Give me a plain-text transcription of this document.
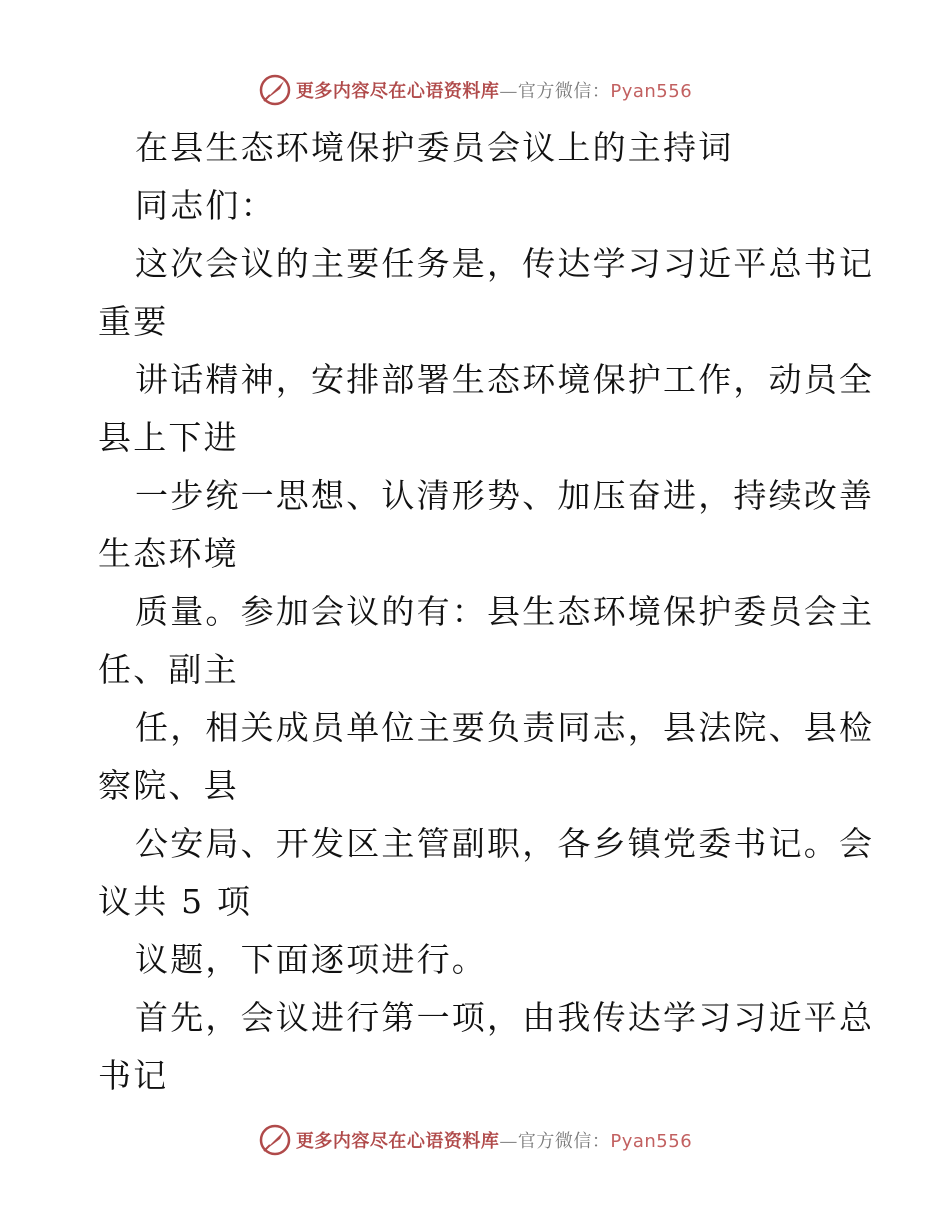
更多内容尽在心语资料库—官方微信：Pyan556
在县生态环境保护委员会议上的主持词
同志们：
这次会议的主要任务是，传达学习习近平总书记
重要
讲话精神，安排部署生态环境保护工作，动员全
县上下进
一步统一思想、认清形势、加压奋进，持续改善
生态环境
质量。参加会议的有：县生态环境保护委员会主
任、副主
任，相关成员单位主要负责同志，县法院、县检
察院、县
公安局、开发区主管副职，各乡镇党委书记。会
议共 5 项
议题，下面逐项进行。
首先，会议进行第一项，由我传达学习习近平总
书记
更多内容尽在心语资料库—官方微信：Pyan556
